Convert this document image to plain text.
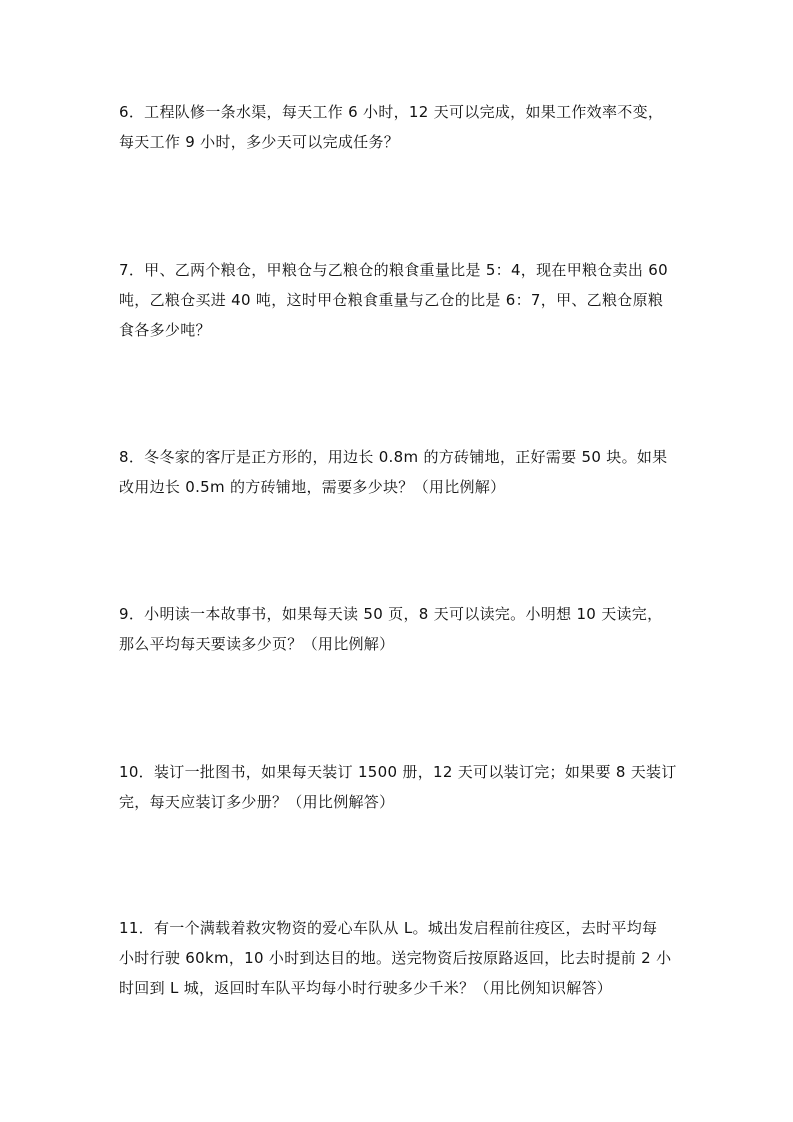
6．工程队修一条水渠，每天工作 6 小时，12 天可以完成，如果工作效率不变，
每天工作 9 小时，多少天可以完成任务？
7．甲、乙两个粮仓，甲粮仓与乙粮仓的粮食重量比是 5：4，现在甲粮仓卖出 60
吨，乙粮仓买进 40 吨，这时甲仓粮食重量与乙仓的比是 6：7，甲、乙粮仓原粮
食各多少吨？
8．冬冬家的客厅是正方形的，用边长 0.8m 的方砖铺地，正好需要 50 块。如果
改用边长 0.5m 的方砖铺地，需要多少块？（用比例解）
9．小明读一本故事书，如果每天读 50 页，8 天可以读完。小明想 10 天读完，
那么平均每天要读多少页？（用比例解）
10．装订一批图书，如果每天装订 1500 册，12 天可以装订完；如果要 8 天装订
完，每天应装订多少册？（用比例解答）
11．有一个满载着救灾物资的爱心车队从 L。城出发启程前往疫区，去时平均每
小时行驶 60km，10 小时到达目的地。送完物资后按原路返回，比去时提前 2 小
时回到 L 城，返回时车队平均每小时行驶多少千米？（用比例知识解答）
